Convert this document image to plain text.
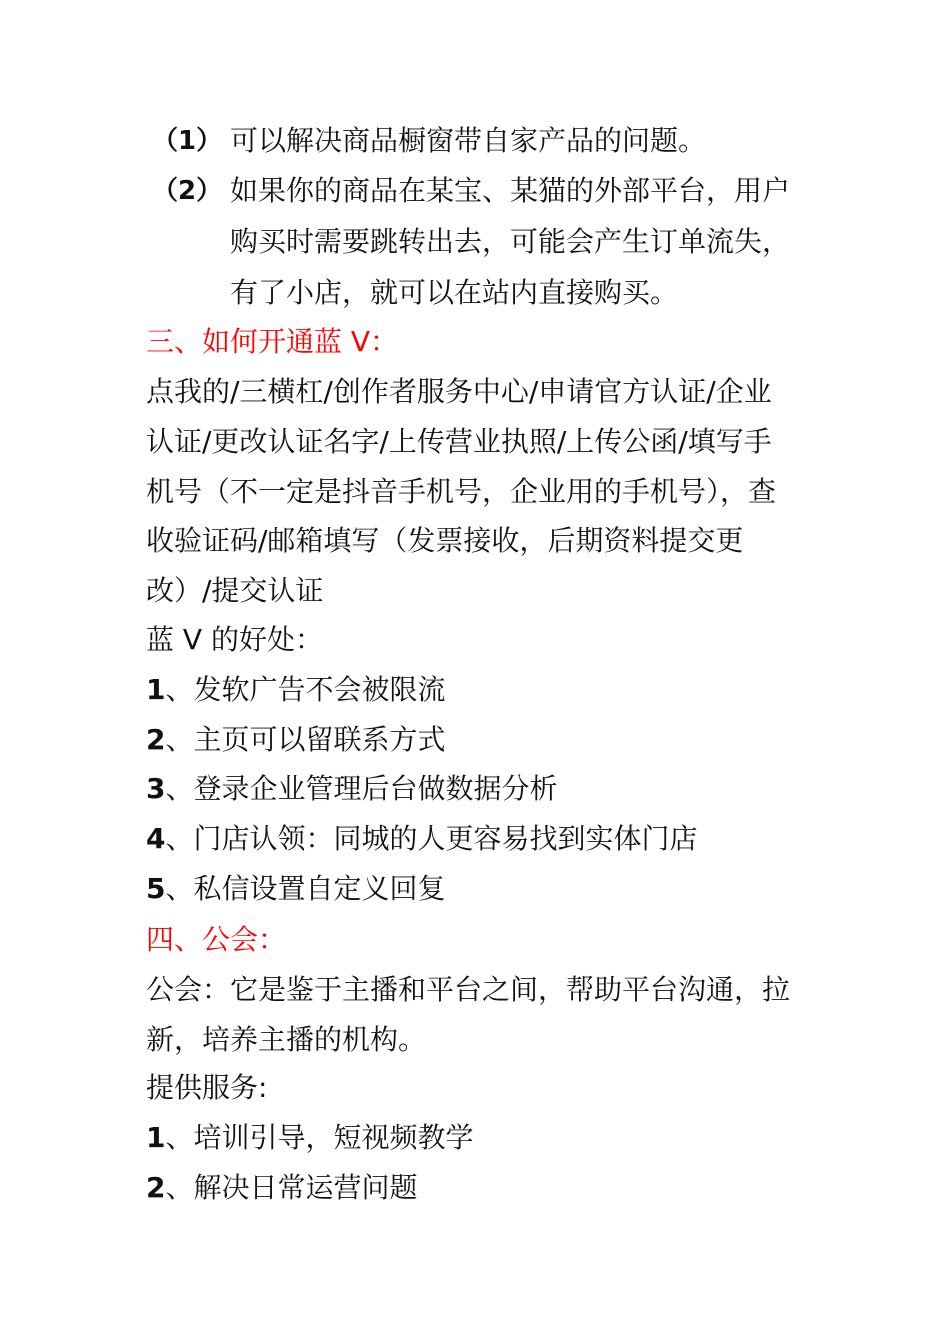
（1） 可以解决商品橱窗带自家产品的问题。
（2） 如果你的商品在某宝、某猫的外部平台，用户
购买时需要跳转出去，可能会产生订单流失，
有了小店，就可以在站内直接购买。
三、如何开通蓝 V：
点我的/三横杠/创作者服务中心/申请官方认证/企业
认证/更改认证名字/上传营业执照/上传公函/填写手
机号（不一定是抖音手机号，企业用的手机号），查
收验证码/邮箱填写（发票接收，后期资料提交更
改）/提交认证
蓝 V 的好处：
1、发软广告不会被限流
2、主页可以留联系方式
3、登录企业管理后台做数据分析
4、门店认领：同城的人更容易找到实体门店
5、私信设置自定义回复
四、公会：
公会：它是鉴于主播和平台之间，帮助平台沟通，拉
新，培养主播的机构。
提供服务:
1、培训引导，短视频教学
2、解决日常运营问题
